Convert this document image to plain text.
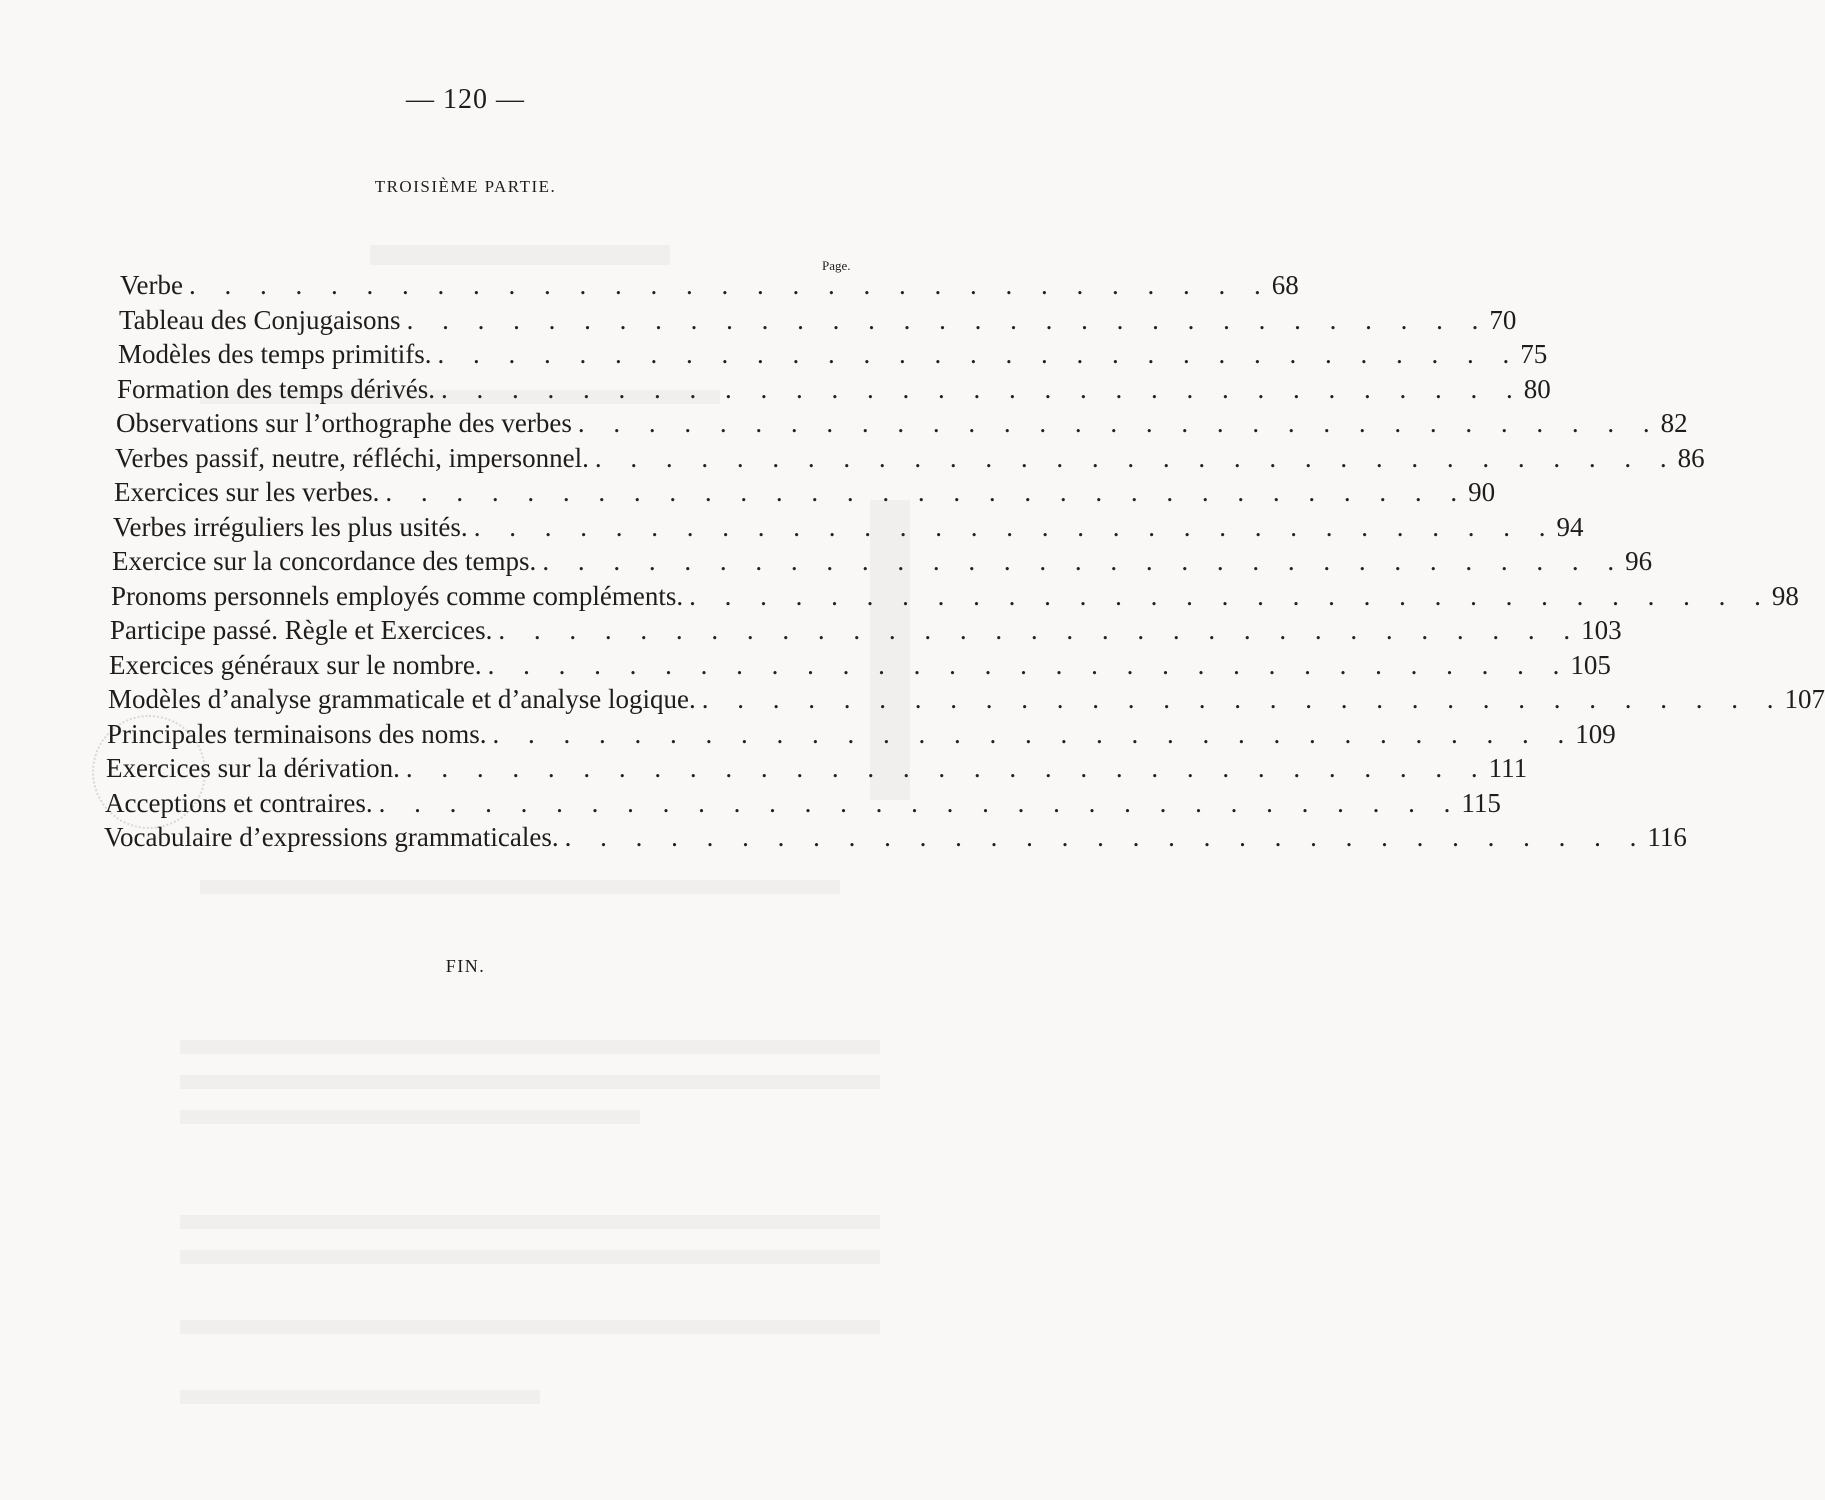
— 120 —
TROISIÈME PARTIE.
Page.
Verbe . . . . . . . . . . . . . . . . . . . . . . . . . . . . . . . 68
Tableau des Conjugaisons . . . . . . . . . . . . . . . . . . . . . . . . . . . . . . . 70
Modèles des temps primitifs. . . . . . . . . . . . . . . . . . . . . . . . . . . . . . . . 75
Formation des temps dérivés. . . . . . . . . . . . . . . . . . . . . . . . . . . . . . . . 80
Observations sur l’orthographe des verbes . . . . . . . . . . . . . . . . . . . . . . . . . . . . . . . 82
Verbes passif, neutre, réfléchi, impersonnel. . . . . . . . . . . . . . . . . . . . . . . . . . . . . . . . 86
Exercices sur les verbes. . . . . . . . . . . . . . . . . . . . . . . . . . . . . . . . 90
Verbes irréguliers les plus usités. . . . . . . . . . . . . . . . . . . . . . . . . . . . . . . . 94
Exercice sur la concordance des temps. . . . . . . . . . . . . . . . . . . . . . . . . . . . . . . . 96
Pronoms personnels employés comme compléments. . . . . . . . . . . . . . . . . . . . . . . . . . . . . . . . 98
Participe passé. Règle et Exercices. . . . . . . . . . . . . . . . . . . . . . . . . . . . . . . . 103
Exercices généraux sur le nombre. . . . . . . . . . . . . . . . . . . . . . . . . . . . . . . . 105
Modèles d’analyse grammaticale et d’analyse logique. . . . . . . . . . . . . . . . . . . . . . . . . . . . . . . . 107
Principales terminaisons des noms. . . . . . . . . . . . . . . . . . . . . . . . . . . . . . . . 109
Exercices sur la dérivation. . . . . . . . . . . . . . . . . . . . . . . . . . . . . . . . 111
Acceptions et contraires. . . . . . . . . . . . . . . . . . . . . . . . . . . . . . . . 115
Vocabulaire d’expressions grammaticales. . . . . . . . . . . . . . . . . . . . . . . . . . . . . . . . 116
FIN.
